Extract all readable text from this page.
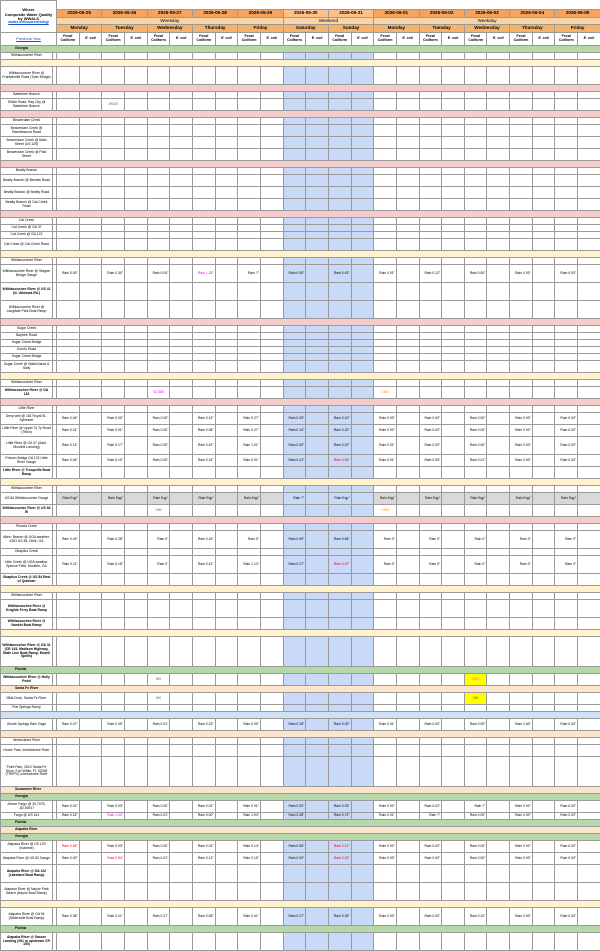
Where
Composite Water Quality
by WWALS
wwals.net/issues/testing/																									

		2026-05-25		2026-05-26		2026-05-27		2026-05-28		2026-05-29		2026-05-30		2026-05-31		2026-06-01		2026-06-02		2026-06-03		2026-06-04		2026-06-05	
		Weekday										Weekend				Weekday									
		Monday		Tuesday		Wednesday		Thursday		Friday		Saturday		Sunday		Monday		Tuesday		Wednesday		Thursday		Friday	
Previous Year		Fecal Coliform	E. coli	Fecal Coliform	E. coli	Fecal Coliform	E. coli	Fecal Coliform	E. coli	Fecal Coliform	E. coli	Fecal Coliform	E. coli	Fecal Coliform	E. coli	Fecal Coliform	E. coli	Fecal Coliform	E. coli	Fecal Coliform	E. coli	Fecal Coliform	E. coli	Fecal Coliform	E. coli
Georgia																									
Withlacoochee River																									

Withlacoochee River @ Franklinville Road (Tyler Bridge)																									

Batterbee Branch																									
Shiloh Road, Ray City @ Batterbee Branch				W100																					

Beaverdam Creek																									
Beaverdam Creek @ Ramblewood Road																									
Beaverdam Creek @ Main Street (US 129)																									
Beaverdam Creek @ Park Street																									

Beatty Branch																									
Beatty Branch @ Bemiss Road																									
Beatty Branch @ Beatty Road																									
Beatty Branch @ Cat Creek Road																									

Cat Creek																									
Cat Creek @ GA 37																									
Cat Creek @ GA 122																									
Cat Creek @ Cat Creek Road																									

Withlacoochee River																									
Withlacoochee River @ Skipper Bridge Gauge		Rain 0.00"		Rain 0.30"		Rain 0.04"		Rain 1.28"		Rain ?"		Rain 0.05"		Rain 0.43"		Rain 0.01"		Rain 0.12"		Rain 0.00"		Rain 0.00"		Rain 0.00"	
Withlacoochee River @ US 41 (N. Valdosta Rd.)																									
Withlacoochee River @ Langdale Park Boat Ramp																									

Sugar Creek																									
Baytree Road																									
Sugar Creek Bridge																									
Gornto Road																									
Sugar Creek Bridge																									
Sugar Creek @ WaterGaust & Sally																									

Withlacoochee River																									
Withlacoochee River @ GA 133						V2,380										V300									

Little River																									
Deep well @ 181 Royal St., Sylvester		Rain 0.04"		Rain 0.00"		Rain 0.00"		Rain 0.15"		Rain 0.27"		Rain 0.25"		Rain 0.10"		Rain 0.00"		Rain 0.00"		Rain 0.00"		Rain 0.00"		Rain 0.00"	
Little River @ Upper Ty Ty Road (Tifton)		Rain 0.01"		Rain 0.01"		Rain 0.00"		Rain 0.08"		Rain 0.27"		Rain 0.14"		Rain 0.20"		Rain 0.00"		Rain 0.00"		Rain 0.00"		Rain 0.00"		Rain 0.00"	
Little River @ GA 37 (Adel-Moultrie Landing)		Rain 0.14"		Rain 0.17"		Rain 0.00"		Rain 0.42"		Rain 1.01"		Rain 0.00"		Rain 0.20"		Rain 0.01"		Rain 0.00"		Rain 0.00"		Rain 0.00"		Rain 0.00"	
Folsom Bridge GA 122 Little River Gauge		Rain 0.04"		Rain 0.10"		Rain 0.00"		Rain 0.24"		Rain 0.01"		Rain 0.41"		Rain 0.96"		Rain 0.01"		Rain 0.05"		Rain 0.01"		Rain 0.00"		Rain 0.00"	
Little River @ Troupville Boat Ramp																									

Withlacoochee River																									
US 84 Withlacoochee Gauge		Rain Eqp"		Rain Eqp"		Rain Eqp"		Rain Eqp"		Rain Eqp"		Rain ?"		Rain Eqp"		Rain Eqp"		Rain Eqp"		Rain Eqp"		Rain Eqp"		Rain Eqp"	
Withlacoochee River @ US 84 W						V50										V150									

Piscola Creek																									
Allen: Branch @ UGA weather, 4281 US 84, Dixie, GA		Rain 0.44"		Rain 0.28"		Rain 0"		Rain 0.15"		Rain 0"		Rain 0.59"		Rain 0.68"		Rain 0"		Rain 0"		Rain 0"		Rain 0"		Rain 0"	
Okapilco Creek																									
Little Creek @ UGA weather, Spence Field, Moultrie, GA		Rain 0.11"		Rain 0.18"		Rain 0"		Rain 0.41"		Rain 1.13"		Rain 0.27"		Rain 0.97"		Rain 0"		Rain 0"		Rain 0"		Rain 0"		Rain 0"	
Okapilco Creek @ US 84 East of Quitman																									

Withlacoochee River																									
Withlacoochee River @ Knights Ferry Boat Ramp																									
Withlacoochee River @ Nankin Boat Ramp																									

Withlacoochee River @ GA 31 (CR 145, Madison Highway, State Line Boat Ramp, Mozell Spells)																									
Florida																									
Withlacoochee River @ Holly Point						W0														W68					
Santa Fe River																									
Mills Dock, Santa Fe River						W0														W0					
Poe Springs Ramp																									

Ginnie Springs Rain Gage		Rain 0.47"		Rain 0.45"		Rain 0.01"		Rain 0.23"		Rain 0.00"		Rain 0.28"		Rain 0.05"		Rain 0.31"		Rain 0.00"		Rain 0.00"		Rain 1.60"		Rain 0.00"	

Ichetucknee River																									
Hodor Park, Ichetucknee River																									
Point Park, 2610 Santa Fe Drive, Fort White, FL 32038 (TREPO) Ichetucknee River																									
Suwannee River																									
Georgia																									
Above Fargo @ 30.70?5, -82.53917		Rain 0.02"		Rain 0.03"		Rain 0.00"		Rain 0.02"		Rain 0.01"		Rain 0.00"		Rain 0.03"		Rain 0.00"		Rain 0.02"		Rain ?"		Rain 0.00"		Rain 0.00"	
Fargo @ US 441		Rain 0.24"		Rain 1.33"		Rain 0.01"		Rain 0.00"		Rain 1.94"		Rain 0.48"		Rain 0.74"		Rain 0.01"		Rain ?"		Rain 0.00"		Rain 0.00"		Rain 0.00"	
Florida																									
Alapaha River																									
Georgia																									
Alapaha River @ US 129 (Ivanhoe)		Rain 0.56"		Rain 0.03"		Rain 0.00"		Rain 0.03"		Rain 0.14"		Rain 0.06"		Rain 2.12"		Rain 0.00"		Rain 0.00"		Rain 0.00"		Rain 0.00"		Rain 0.00"	
Alapaha River @ US 82 Gauge		Rain 0.00"		Rain 0.54"		Rain 0.01"		Rain 0.13"		Rain 0.15"		Rain 0.00"		Rain 2.25"		Rain 0.00"		Rain 0.00"		Rain 0.00"		Rain 0.00"		Rain 0.00"	
Alapaha River @ GA 122 (Lakeland Boat Ramp)																									
Alapaha River @ Naylor Park Beach (Naylor Boat Ramp)																									

Alapaha River @ GA 94 (Statenville Boat Ramp)		Rain 0.38"		Rain 0.21"		Rain 0.27"		Rain 0.08"		Rain 0.41"		Rain 0.27"		Rain 0.39"		Rain 0.00"		Rain 0.00"		Rain 0.10"		Rain 0.00"		Rain 0.00"	
Florida																									
Alapaha River @ Sasser Landing (261 m upstream CR 150)																									
